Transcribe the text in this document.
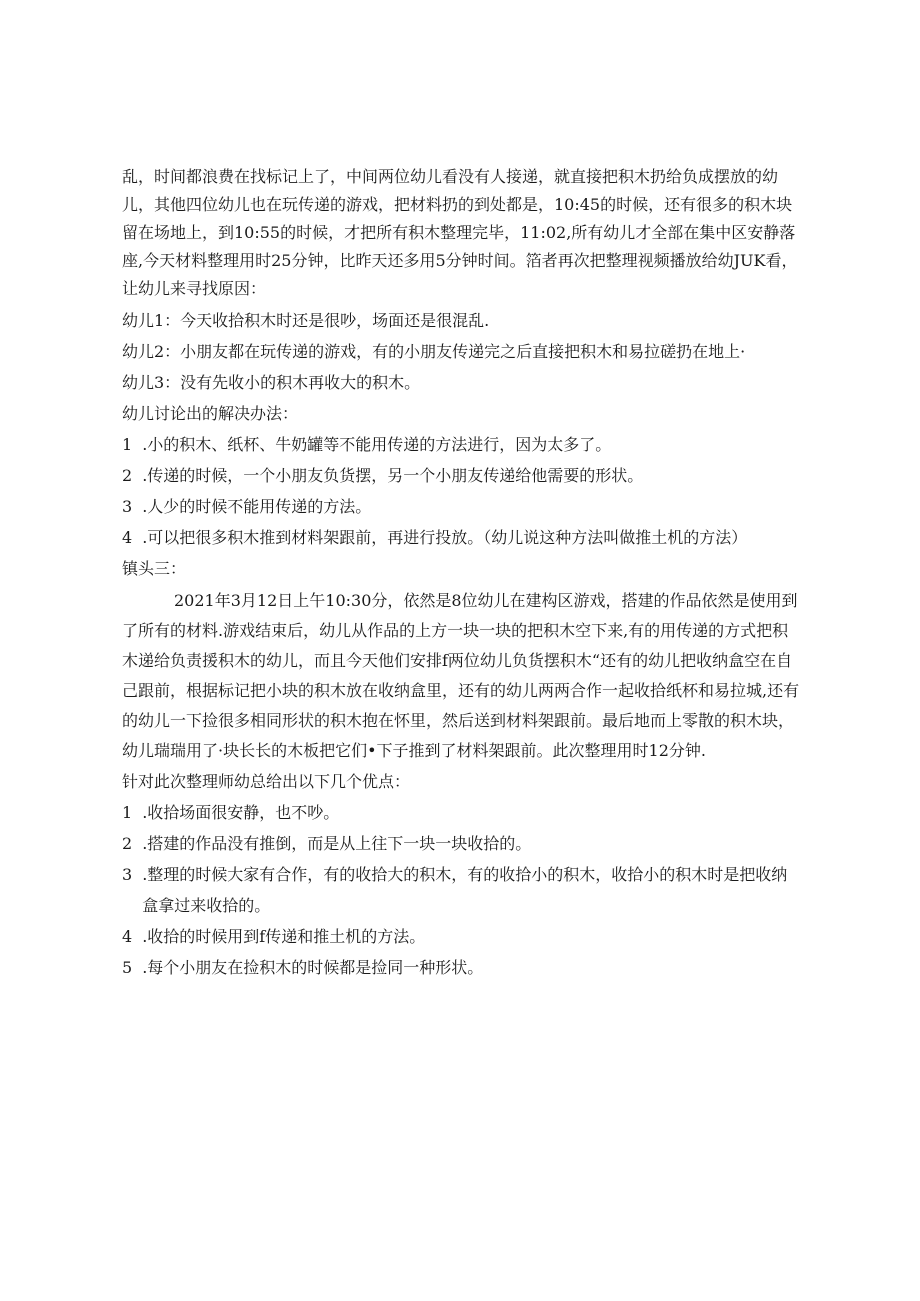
乱，时间都浪费在找标记上了，中间两位幼儿看没有人接递，就直接把积木扔给负成摆放的幼儿，其他四位幼儿也在玩传递的游戏，把材料扔的到处都是，10:45的时候，还有很多的积木块留在场地上，到10:55的时候，才把所有积木整理完毕，11:02,所有幼儿才全部在集中区安静落座,今天材料整理用时25分钟，比昨天还多用5分钟时间。箔者再次把整理视频播放给幼JUK看，让幼儿来寻找原因：

幼儿1：今天收拾积木时还是很吵，场面还是很混乱.
幼儿2：小朋友都在玩传递的游戏，有的小朋友传递完之后直接把积木和易拉磋扔在地上·
幼儿3：没有先收小的积木再收大的积木。
幼儿讨论出的解决办法：
1 .小的积木、纸杯、牛奶罐等不能用传递的方法进行，因为太多了。
2 .传递的时候，一个小朋友负货摆，另一个小朋友传递给他需要的形状。
3 .人少的时候不能用传递的方法。
4 .可以把很多积木推到材料架跟前，再进行投放。（幼儿说这种方法叫做推土机的方法）
镇头三：

2021年3月12日上午10:30分，依然是8位幼儿在建构区游戏，搭建的作品依然是使用到了所有的材料.游戏结束后，幼儿从作品的上方一块一块的把积木空下来,有的用传递的方式把积木递给负责援积木的幼儿，而且今天他们安排f两位幼儿负货摆积木“还有的幼儿把收纳盒空在自己跟前，根据标记把小块的积木放在收纳盒里，还有的幼儿两两合作一起收拾纸杯和易拉城,还有的幼儿一下捡很多相同形状的积木抱在怀里，然后送到材料架跟前。最后地而上零散的积木块，幼儿瑞瑞用了·块长长的木板把它们•下子推到了材料架跟前。此次整理用时12分钟.

针对此次整理师幼总给出以下几个优点：
1 .收拾场面很安静，也不吵。
2 .搭建的作品没有推倒，而是从上往下一块一块收拾的。
3 .整理的时候大家有合作，有的收拾大的积木，有的收拾小的积木，收拾小的积木时是把收纳盒拿过来收拾的。
4 .收拾的时候用到f传递和推土机的方法。
5 .每个小朋友在捡积木的时候都是捡同一种形状。
